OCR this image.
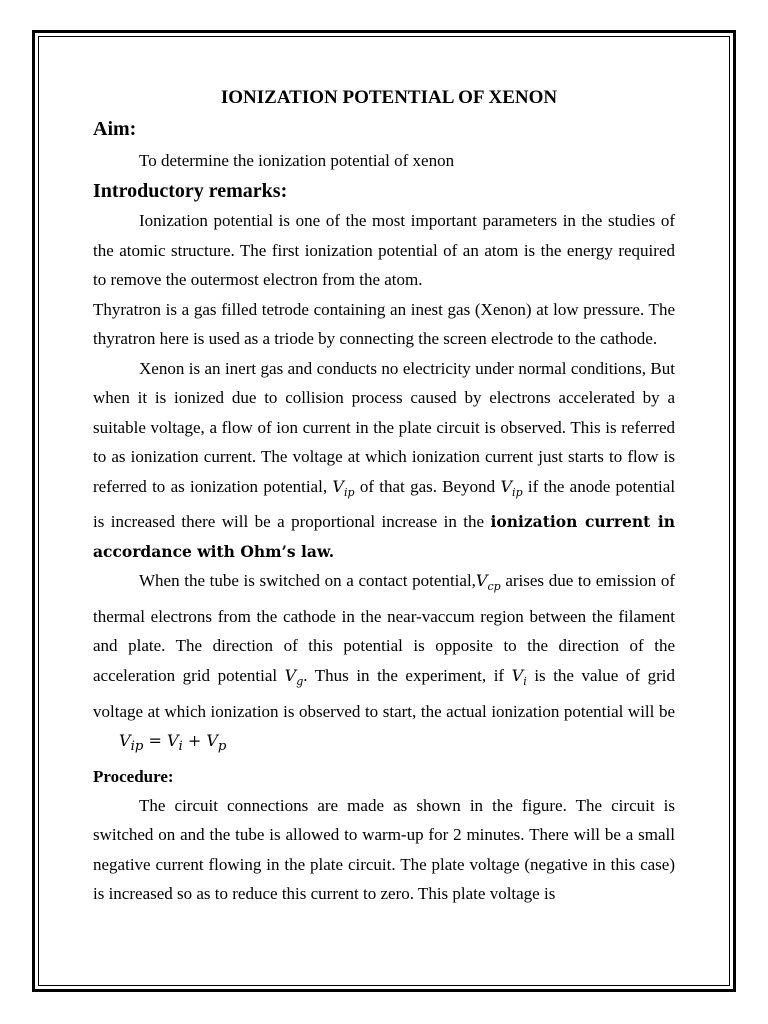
IONIZATION POTENTIAL OF XENON
Aim:

To determine the ionization potential of xenon

Introductory remarks:

Ionization potential is one of the most important parameters in the studies of the atomic structure. The first ionization potential of an atom is the energy required to remove the outermost electron from the atom.

Thyratron is a gas filled tetrode containing an inest gas (Xenon) at low pressure. The thyratron here is used as a triode by connecting the screen electrode to the cathode.

Xenon is an inert gas and conducts no electricity under normal conditions, But when it is ionized due to collision process caused by electrons accelerated by a suitable voltage, a flow of ion current in the plate circuit is observed. This is referred to as ionization current. The voltage at which ionization current just starts to flow is referred to as ionization potential, $V_{ip}$ of that gas. Beyond $V_{ip}$ if the anode potential is increased there will be a proportional increase in the ionization current in accordance with Ohm’s law.

When the tube is switched on a contact $potential,V_{cp}$ arises due to emission of thermal electrons from the cathode in the near-vaccum region between the filament and plate. The direction of this potential is opposite to the direction of the acceleration grid potential $V_g$. Thus in the experiment, if $V_i$ is the value of grid voltage at which ionization is observed to start, the actual ionization potential will be $V_{ip} = V_i + V_p$

Procedure:

The circuit connections are made as shown in the figure. The circuit is switched on and the tube is allowed to warm-up for 2 minutes. There will be a small negative current flowing in the plate circuit. The plate voltage (negative in this case) is increased so as to reduce this current to zero. This plate voltage is
